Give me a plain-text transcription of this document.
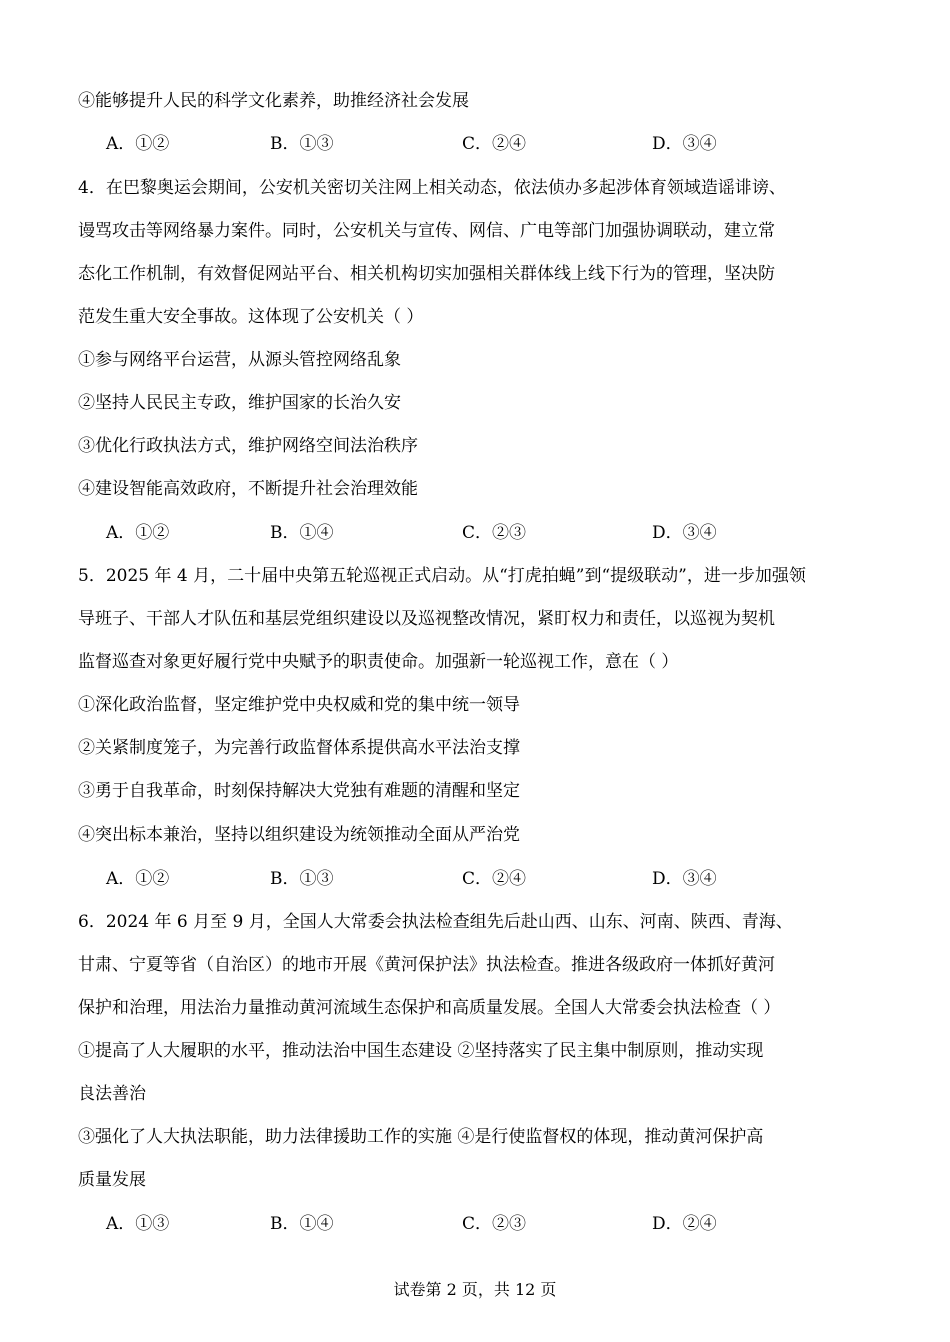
④能够提升人民的科学文化素养，助推经济社会发展
A．①②	B．①③	C．②④	D．③④
4．在巴黎奥运会期间，公安机关密切关注网上相关动态，依法侦办多起涉体育领域造谣诽谤、
谩骂攻击等网络暴力案件。同时，公安机关与宣传、网信、广电等部门加强协调联动，建立常
态化工作机制，有效督促网站平台、相关机构切实加强相关群体线上线下行为的管理，坚决防
范发生重大安全事故。这体现了公安机关（ ）
①参与网络平台运营，从源头管控网络乱象
②坚持人民民主专政，维护国家的长治久安
③优化行政执法方式，维护网络空间法治秩序
④建设智能高效政府，不断提升社会治理效能
A．①②	B．①④	C．②③	D．③④
5．2025 年 4 月，二十届中央第五轮巡视正式启动。从“打虎拍蝇”到“提级联动”，进一步加强领
导班子、干部人才队伍和基层党组织建设以及巡视整改情况，紧盯权力和责任，以巡视为契机
监督巡查对象更好履行党中央赋予的职责使命。加强新一轮巡视工作，意在（ ）
①深化政治监督，坚定维护党中央权威和党的集中统一领导
②关紧制度笼子，为完善行政监督体系提供高水平法治支撑
③勇于自我革命，时刻保持解决大党独有难题的清醒和坚定
④突出标本兼治，坚持以组织建设为统领推动全面从严治党
A．①②	B．①③	C．②④	D．③④
6．2024 年 6 月至 9 月，全国人大常委会执法检查组先后赴山西、山东、河南、陕西、青海、
甘肃、宁夏等省（自治区）的地市开展《黄河保护法》执法检查。推进各级政府一体抓好黄河
保护和治理，用法治力量推动黄河流域生态保护和高质量发展。全国人大常委会执法检查（ ）
①提高了人大履职的水平，推动法治中国生态建设 ②坚持落实了民主集中制原则，推动实现
良法善治
③强化了人大执法职能，助力法律援助工作的实施 ④是行使监督权的体现，推动黄河保护高
质量发展
A．①③	B．①④	C．②③	D．②④
试卷第 2 页，共 12 页
